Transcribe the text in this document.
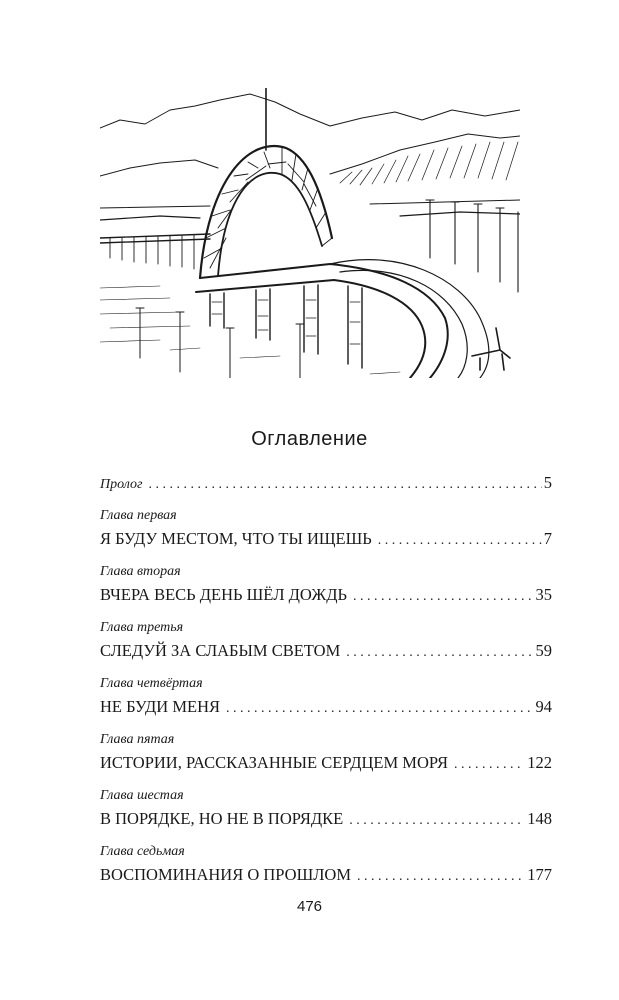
Оглавление
Пролог . . .	5
Глава первая
Я БУДУ МЕСТОМ, ЧТО ТЫ ИЩЕШЬ . . .	7
Глава вторая
ВЧЕРА ВЕСЬ ДЕНЬ ШЁЛ ДОЖДЬ . . .	35
Глава третья
СЛЕДУЙ ЗА СЛАБЫМ СВЕТОМ . . .	59
Глава четвёртая
НЕ БУДИ МЕНЯ . . .	94
Глава пятая
ИСТОРИИ, РАССКАЗАННЫЕ СЕРДЦЕМ МОРЯ . . .	122
Глава шестая
В ПОРЯДКЕ, НО НЕ В ПОРЯДКЕ . . .	148
Глава седьмая
ВОСПОМИНАНИЯ О ПРОШЛОМ . . .	177
476
